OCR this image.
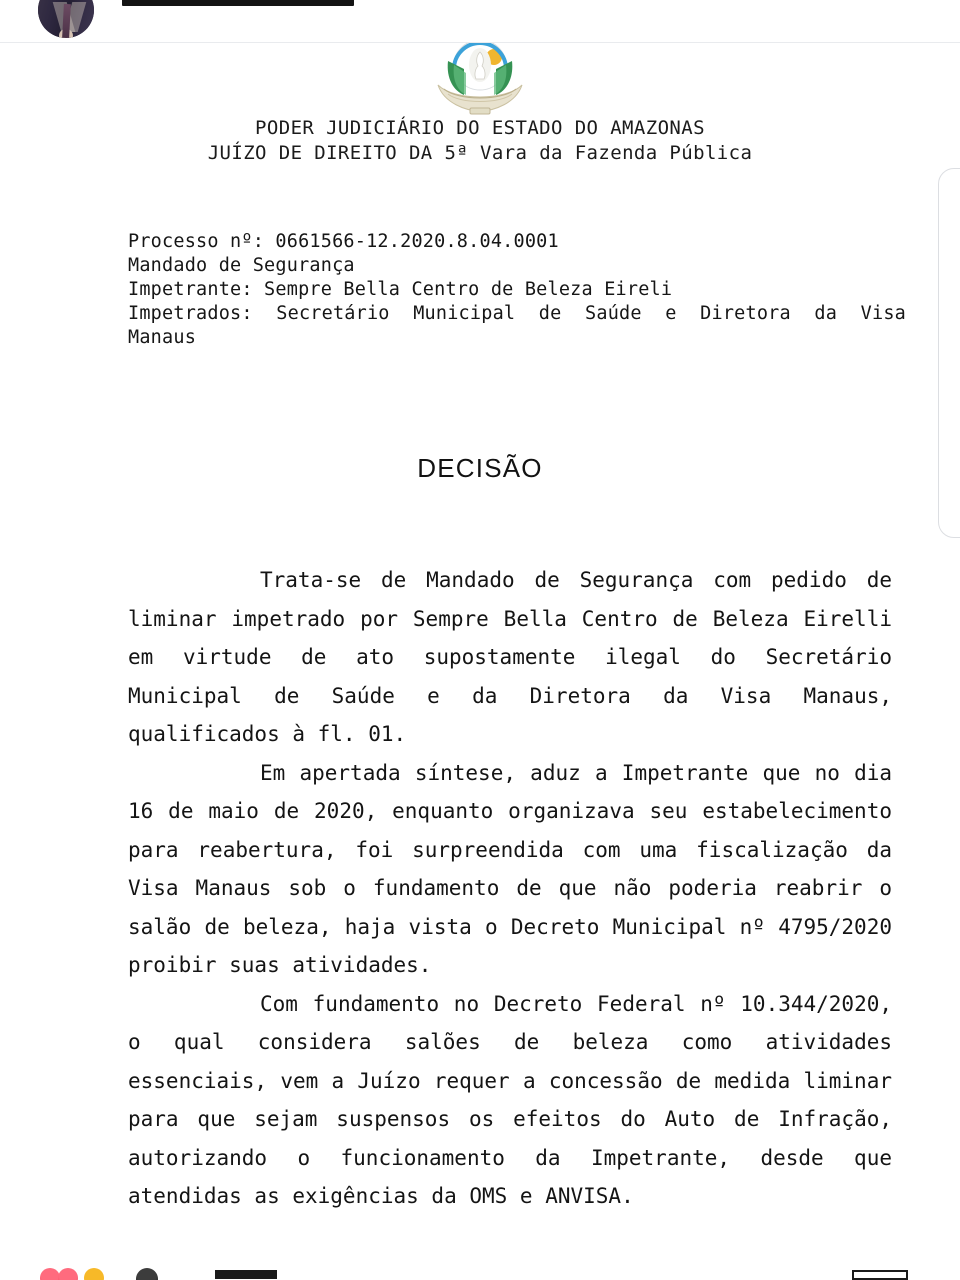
PODER JUDICIÁRIO DO ESTADO DO AMAZONAS
JUÍZO DE DIREITO DA 5ª Vara da Fazenda Pública
Processo nº: 0661566-12.2020.8.04.0001
Mandado de Segurança
Impetrante: Sempre Bella Centro de Beleza Eireli
Impetrados: Secretário Municipal de Saúde e Diretora da Visa
Manaus
DECISÃO

Trata-se de Mandado de Segurança com pedido de liminar impetrado por Sempre Bella Centro de Beleza Eirelli em virtude de ato supostamente ilegal do Secretário Municipal de Saúde e da Diretora da Visa Manaus, qualificados à fl. 01.

Em apertada síntese, aduz a Impetrante que no dia 16 de maio de 2020, enquanto organizava seu estabelecimento para reabertura, foi surpreendida com uma fiscalização da Visa Manaus sob o fundamento de que não poderia reabrir o salão de beleza, haja vista o Decreto Municipal nº 4795/2020 proibir suas atividades.

Com fundamento no Decreto Federal nº 10.344/2020, o qual considera salões de beleza como atividades essenciais, vem a Juízo requer a concessão de medida liminar para que sejam suspensos os efeitos do Auto de Infração, autorizando o funcionamento da Impetrante, desde que atendidas as exigências da OMS e ANVISA.
